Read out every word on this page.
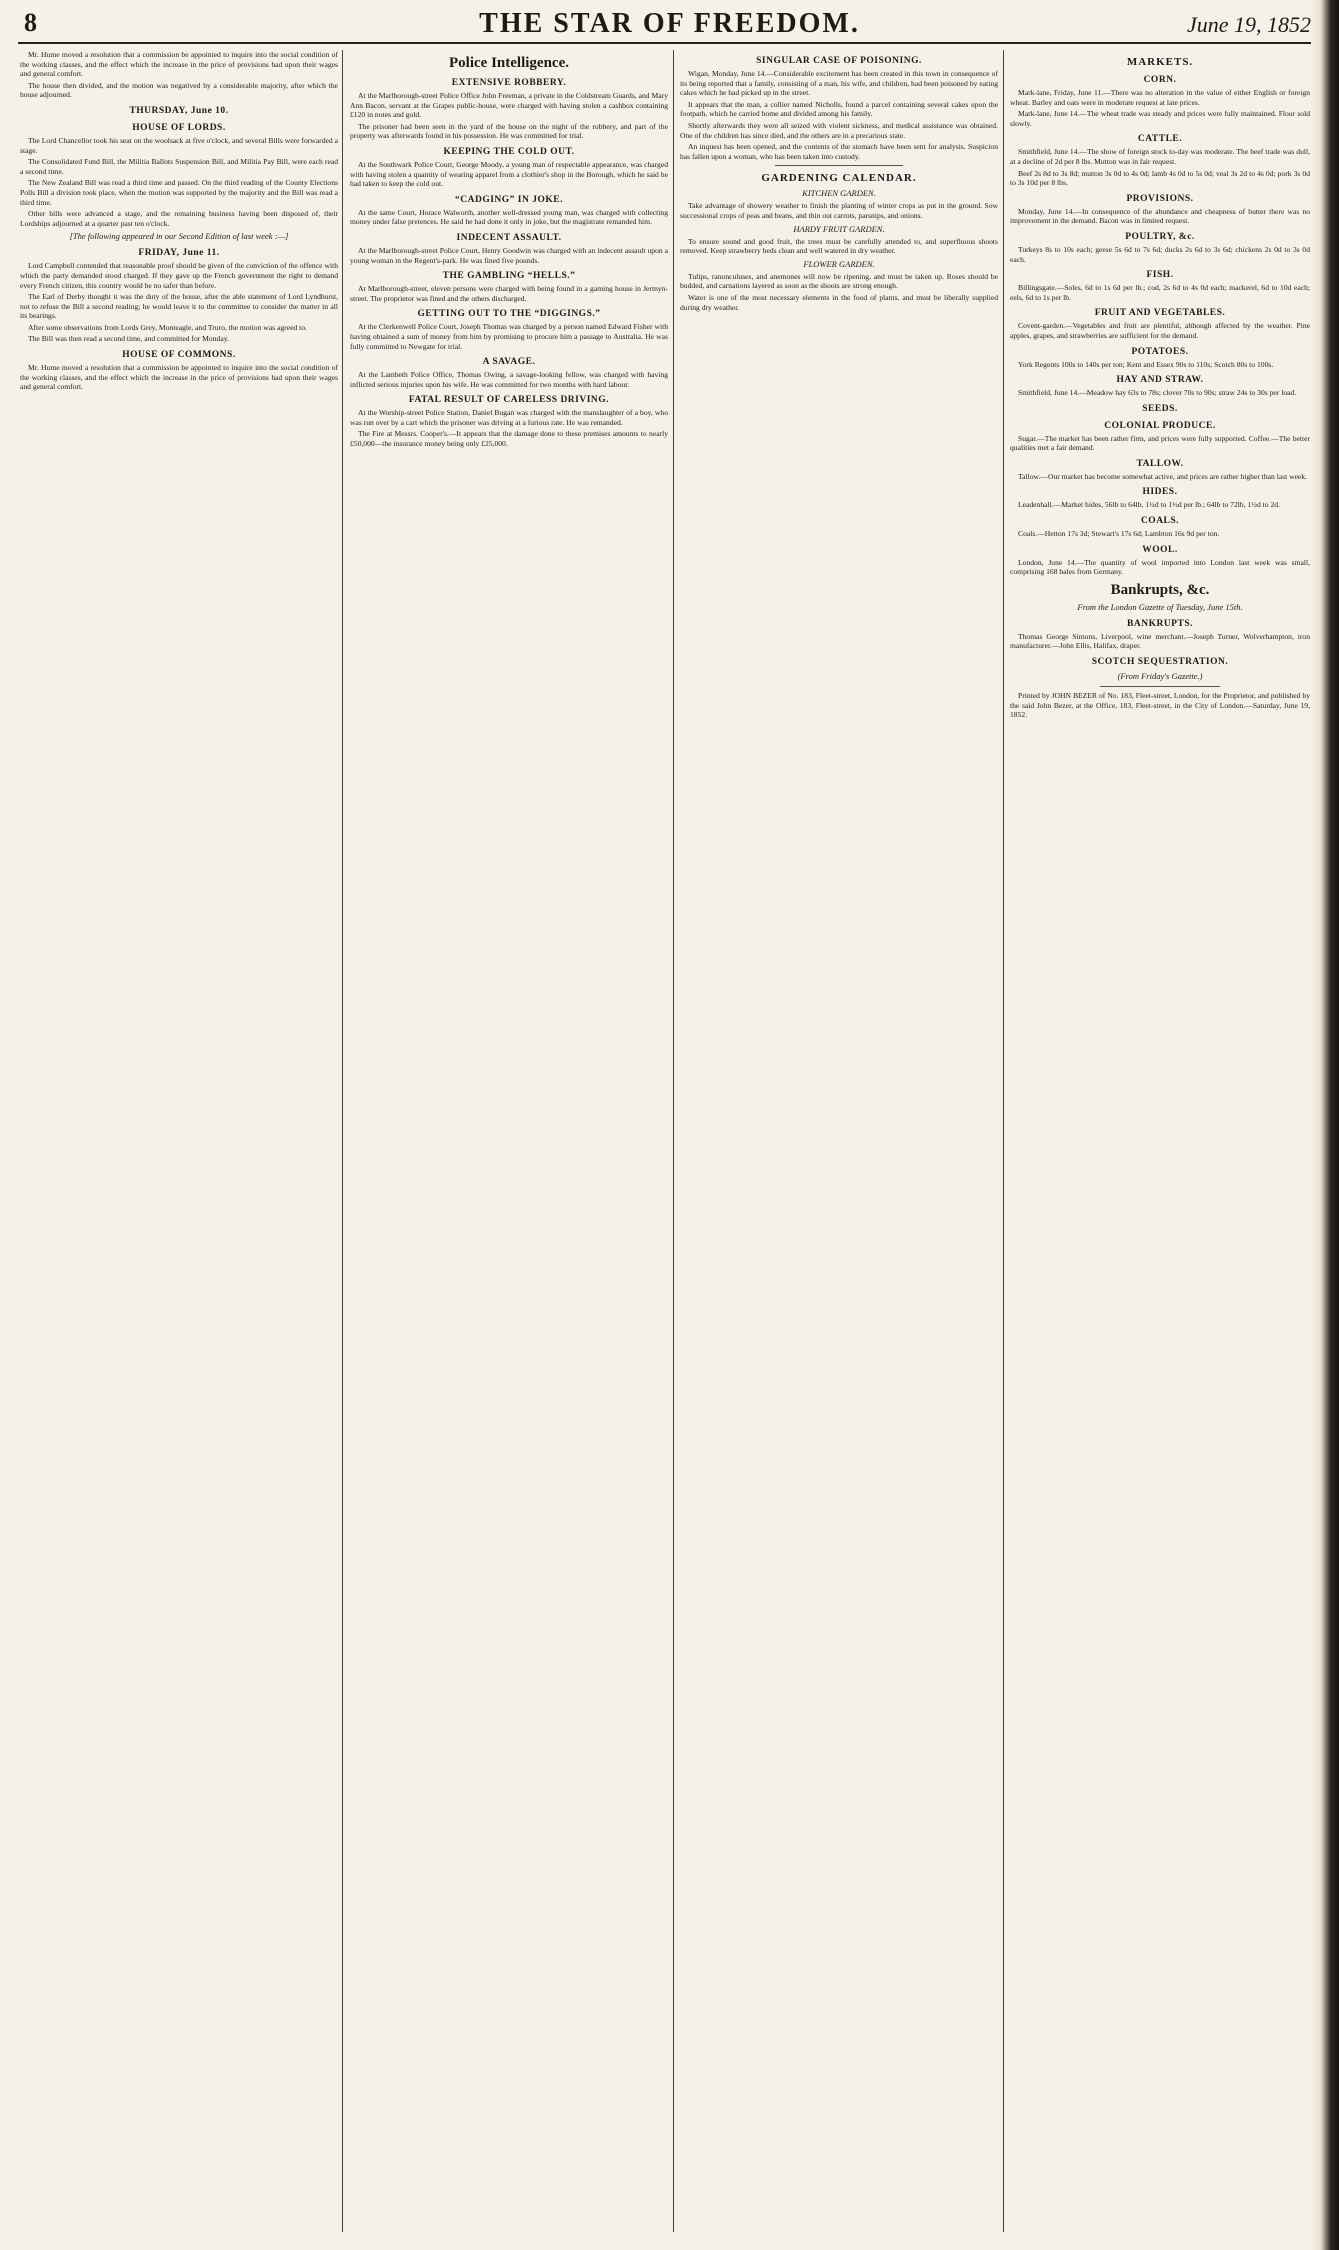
8	THE STAR OF FREEDOM.	June 19, 1852

Mr. Hume moved a resolution that a commission be appointed to inquire into the social condition of the working classes, and the effect which the increase in the price of provisions had upon their wages and general comfort.

The house then divided, and the motion was negatived by a considerable majority, after which the house adjourned.

THURSDAY, June 10.
HOUSE OF LORDS.

The Lord Chancellor took his seat on the woolsack at five o'clock, and several Bills were forwarded a stage.

The Consolidated Fund Bill, the Militia Ballots Suspension Bill, and Militia Pay Bill, were each read a second time.

The New Zealand Bill was read a third time and passed. On the third reading of the County Elections Polls Bill a division took place, when the motion was supported by the majority and the Bill was read a third time.

Other bills were advanced a stage, and the remaining business having been disposed of, their Lordships adjourned at a quarter past ten o'clock.

[The following appeared in our Second Edition of last week :—]
FRIDAY, June 11.

Lord Campbell contended that reasonable proof should be given of the conviction of the offence with which the party demanded stood charged. If they gave up the French government the right to demand every French citizen, this country would be no safer than before.

The Earl of Derby thought it was the duty of the house, after the able statement of Lord Lyndhurst, not to refuse the Bill a second reading; he would leave it to the committee to consider the matter in all its bearings.

After some observations from Lords Grey, Monteagle, and Truro, the motion was agreed to.

The Bill was then read a second time, and committed for Monday.

HOUSE OF COMMONS.

Mr. Hume moved a resolution that a commission be appointed to inquire into the social condition of the working classes, and the effect which the increase in the price of provisions had upon their wages and general comfort.

Police Intelligence.
EXTENSIVE ROBBERY.

At the Marlborough-street Police Office John Freeman, a private in the Coldstream Guards, and Mary Ann Bacon, servant at the Grapes public-house, were charged with having stolen a cashbox containing £120 in notes and gold.

The prisoner had been seen in the yard of the house on the night of the robbery, and part of the property was afterwards found in his possession. He was committed for trial.

KEEPING THE COLD OUT.

At the Southwark Police Court, George Moody, a young man of respectable appearance, was charged with having stolen a quantity of wearing apparel from a clothier's shop in the Borough, which he said he had taken to keep the cold out.

“CADGING” IN JOKE.

At the same Court, Horace Walworth, another well-dressed young man, was charged with collecting money under false pretences. He said he had done it only in joke, but the magistrate remanded him.

INDECENT ASSAULT.

At the Marlborough-street Police Court, Henry Goodwin was charged with an indecent assault upon a young woman in the Regent's-park. He was fined five pounds.

THE GAMBLING “HELLS.”

At Marlborough-street, eleven persons were charged with being found in a gaming house in Jermyn-street. The proprietor was fined and the others discharged.

GETTING OUT TO THE “DIGGINGS.”

At the Clerkenwell Police Court, Joseph Thomas was charged by a person named Edward Fisher with having obtained a sum of money from him by promising to procure him a passage to Australia. He was fully committed to Newgate for trial.

A SAVAGE.

At the Lambeth Police Office, Thomas Owing, a savage-looking fellow, was charged with having inflicted serious injuries upon his wife. He was committed for two months with hard labour.

FATAL RESULT OF CARELESS DRIVING.

At the Worship-street Police Station, Daniel Bugan was charged with the manslaughter of a boy, who was run over by a cart which the prisoner was driving at a furious rate. He was remanded.

The Fire at Messrs. Cooper's.—It appears that the damage done to these premises amounts to nearly £50,000—the insurance money being only £25,000.

SINGULAR CASE OF POISONING.

Wigan, Monday, June 14.—Considerable excitement has been created in this town in consequence of its being reported that a family, consisting of a man, his wife, and children, had been poisoned by eating cakes which he had picked up in the street.

It appears that the man, a collier named Nicholls, found a parcel containing several cakes upon the footpath, which he carried home and divided among his family.

Shortly afterwards they were all seized with violent sickness, and medical assistance was obtained. One of the children has since died, and the others are in a precarious state.

An inquest has been opened, and the contents of the stomach have been sent for analysis. Suspicion has fallen upon a woman, who has been taken into custody.

GARDENING CALENDAR.
KITCHEN GARDEN.

Take advantage of showery weather to finish the planting of winter crops as put in the ground. Sow successional crops of peas and beans, and thin out carrots, parsnips, and onions.

HARDY FRUIT GARDEN.

To ensure sound and good fruit, the trees must be carefully attended to, and superfluous shoots removed. Keep strawberry beds clean and well watered in dry weather.

FLOWER GARDEN.

Tulips, ranunculuses, and anemones will now be ripening, and must be taken up. Roses should be budded, and carnations layered as soon as the shoots are strong enough.

Water is one of the most necessary elements in the food of plants, and must be liberally supplied during dry weather.

MARKETS.
CORN.

Mark-lane, Friday, June 11.—There was no alteration in the value of either English or foreign wheat. Barley and oats were in moderate request at late prices.

Mark-lane, June 14.—The wheat trade was steady and prices were fully maintained. Flour sold slowly.

CATTLE.

Smithfield, June 14.—The show of foreign stock to-day was moderate. The beef trade was dull, at a decline of 2d per 8 lbs. Mutton was in fair request.

Beef 2s 8d to 3s 8d; mutton 3s 0d to 4s 0d; lamb 4s 0d to 5s 0d; veal 3s 2d to 4s 0d; pork 3s 0d to 3s 10d per 8 lbs.

PROVISIONS.

Monday, June 14.—In consequence of the abundance and cheapness of butter there was no improvement in the demand. Bacon was in limited request.

POULTRY, &c.

Turkeys 8s to 10s each; geese 5s 6d to 7s 6d; ducks 2s 6d to 3s 6d; chickens 2s 0d to 3s 0d each.

FISH.

Billingsgate.—Soles, 6d to 1s 6d per lb.; cod, 2s 6d to 4s 0d each; mackerel, 6d to 10d each; eels, 6d to 1s per lb.

FRUIT AND VEGETABLES.

Covent-garden.—Vegetables and fruit are plentiful, although affected by the weather. Pine apples, grapes, and strawberries are sufficient for the demand.

POTATOES.

York Regents 100s to 140s per ton; Kent and Essex 90s to 110s; Scotch 80s to 100s.

HAY AND STRAW.

Smithfield, June 14.—Meadow hay 63s to 78s; clover 70s to 90s; straw 24s to 30s per load.

SEEDS.
COLONIAL PRODUCE.

Sugar.—The market has been rather firm, and prices were fully supported. Coffee.—The better qualities met a fair demand.

TALLOW.

Tallow.—Our market has become somewhat active, and prices are rather higher than last week.

HIDES.

Leadenhall.—Market hides, 56lb to 64lb, 1¼d to 1½d per lb.; 64lb to 72lb, 1½d to 2d.

COALS.

Coals.—Hetton 17s 3d; Stewart's 17s 6d; Lambton 16s 9d per ton.

WOOL.

London, June 14.—The quantity of wool imported into London last week was small, comprising 168 bales from Germany.

Bankrupts, &c.
From the London Gazette of Tuesday, June 15th.
BANKRUPTS.

Thomas George Simons, Liverpool, wine merchant.—Joseph Turner, Wolverhampton, iron manufacturer.—John Ellis, Halifax, draper.

SCOTCH SEQUESTRATION.
(From Friday's Gazette.)

Printed by JOHN BEZER of No. 183, Fleet-street, London, for the Proprietor, and published by the said John Bezer, at the Office, 183, Fleet-street, in the City of London.—Saturday, June 19, 1852.
